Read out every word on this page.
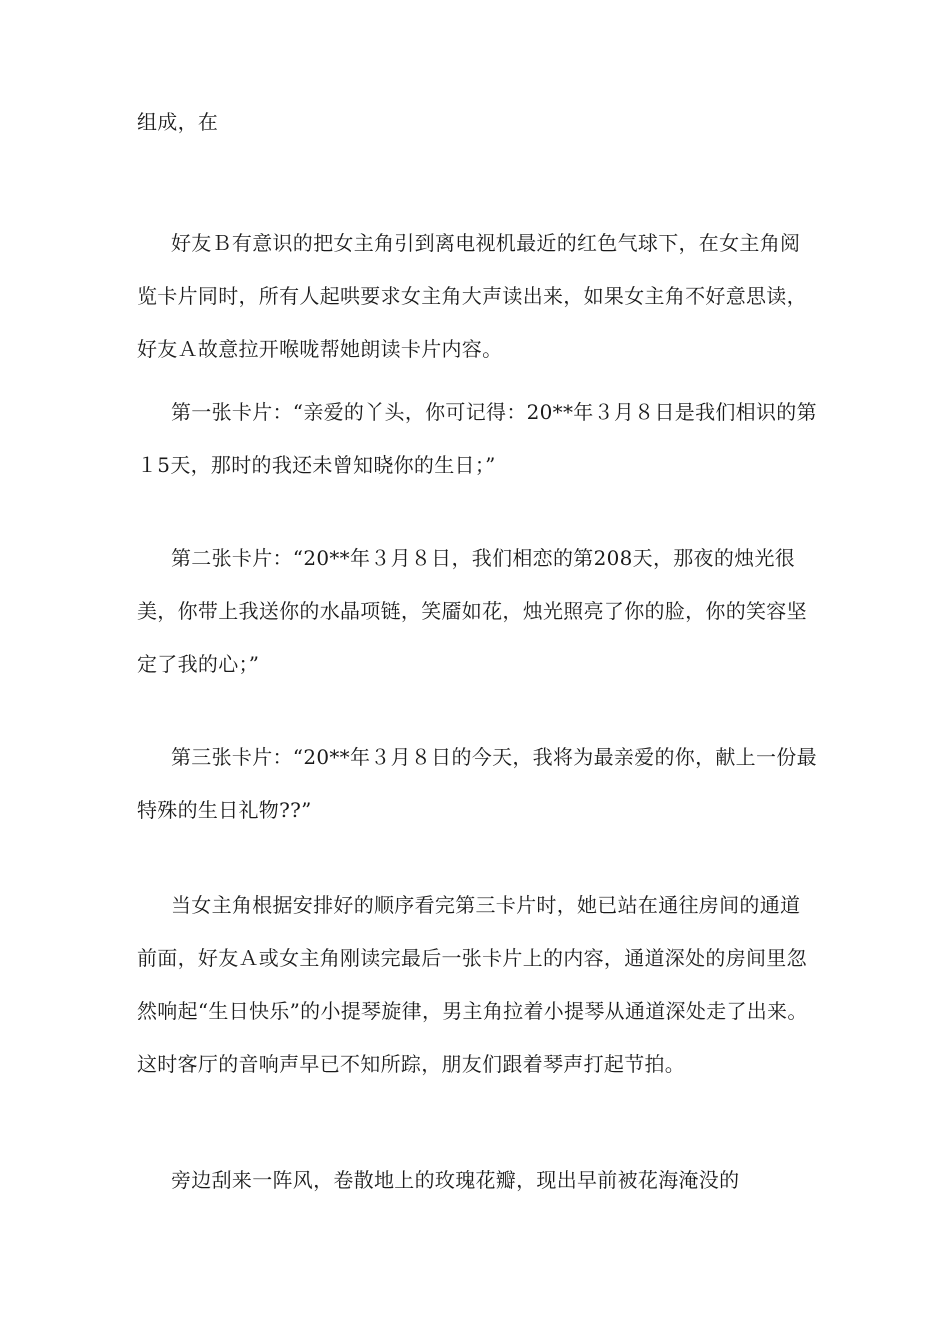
组成，在

好友Ｂ有意识的把女主角引到离电视机最近的红色气球下，在女主角阅览卡片同时，所有人起哄要求女主角大声读出来，如果女主角不好意思读，好友Ａ故意拉开喉咙帮她朗读卡片内容。

第一张卡片：“亲爱的丫头，你可记得：20**年３月８日是我们相识的第１5天，那时的我还未曾知晓你的生日；”

第二张卡片：“20**年３月８日，我们相恋的第208天，那夜的烛光很美，你带上我送你的水晶项链，笑靥如花，烛光照亮了你的脸，你的笑容坚定了我的心；”

第三张卡片：“20**年３月８日的今天，我将为最亲爱的你，献上一份最特殊的生日礼物??”

当女主角根据安排好的顺序看完第三卡片时，她已站在通往房间的通道前面，好友Ａ或女主角刚读完最后一张卡片上的内容，通道深处的房间里忽然响起“生日快乐”的小提琴旋律，男主角拉着小提琴从通道深处走了出来。这时客厅的音响声早已不知所踪，朋友们跟着琴声打起节拍。

旁边刮来一阵风，卷散地上的玫瑰花瓣，现出早前被花海淹没的
